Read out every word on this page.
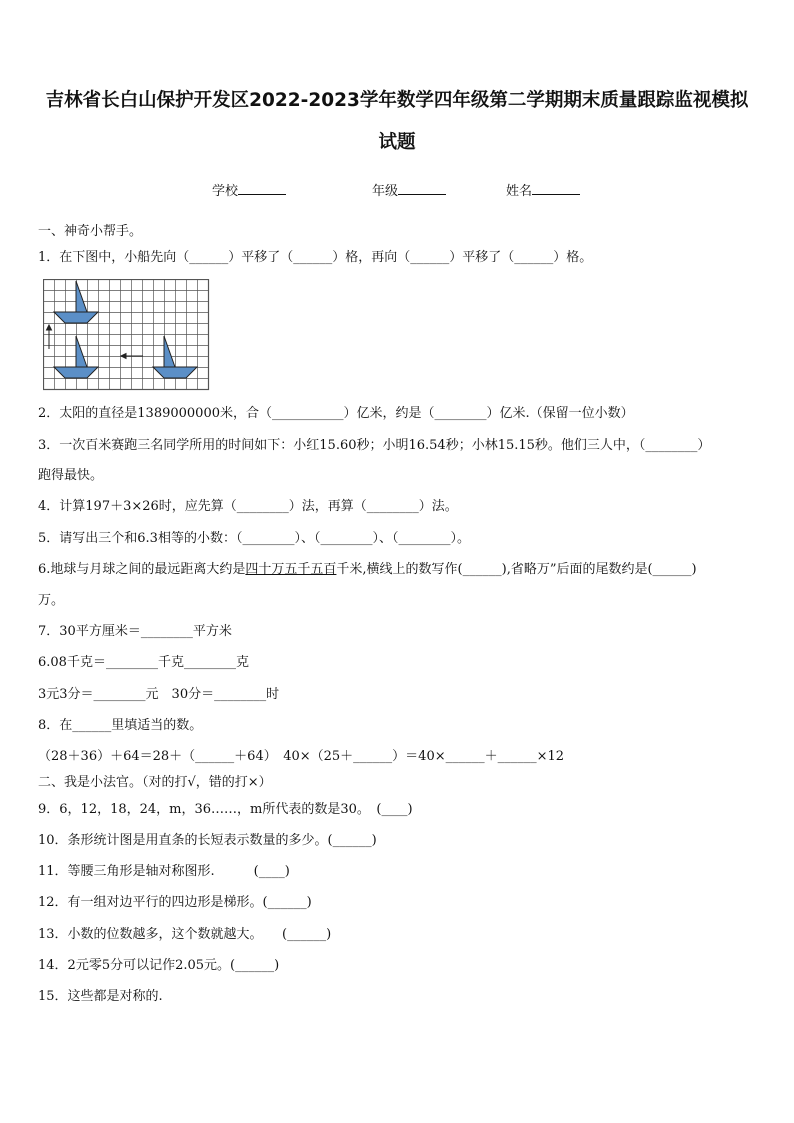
吉林省长白山保护开发区2022-2023学年数学四年级第二学期期末质量跟踪监视模拟
试题
学校	年级	姓名
一、神奇小帮手。
1．在下图中，小船先向（______）平移了（______）格，再向（______）平移了（______）格。
2．太阳的直径是1389000000米，合（___________）亿米，约是（________）亿米.（保留一位小数）
3．一次百米赛跑三名同学所用的时间如下：小红15.60秒；小明16.54秒；小林15.15秒。他们三人中，（________）
跑得最快。
4．计算197＋3×26时，应先算（________）法，再算（________）法。
5．请写出三个和6.3相等的小数：（________）、（________）、（________）。
6.地球与月球之间的最远距离大约是四十万五千五百千米,横线上的数写作(______),省略万”后面的尾数约是(______)
万。
7．30平方厘米＝________平方米
6.08千克＝________千克________克
3元3分＝________元　30分＝________时
8．在______里填适当的数。
（28＋36）＋64＝28＋（______＋64）　40×（25＋______）＝40×______＋______×12
二、我是小法官。（对的打√，错的打×）
9．6，12，18，24，m，36……，m所代表的数是30。　(____)
10．条形统计图是用直条的长短表示数量的多少。(______)
11．等腰三角形是轴对称图形.　　　(____)
12．有一组对边平行的四边形是梯形。(______)
13．小数的位数越多，这个数就越大。　　(______)
14．2元零5分可以记作2.05元。(______)
15．这些都是对称的.
